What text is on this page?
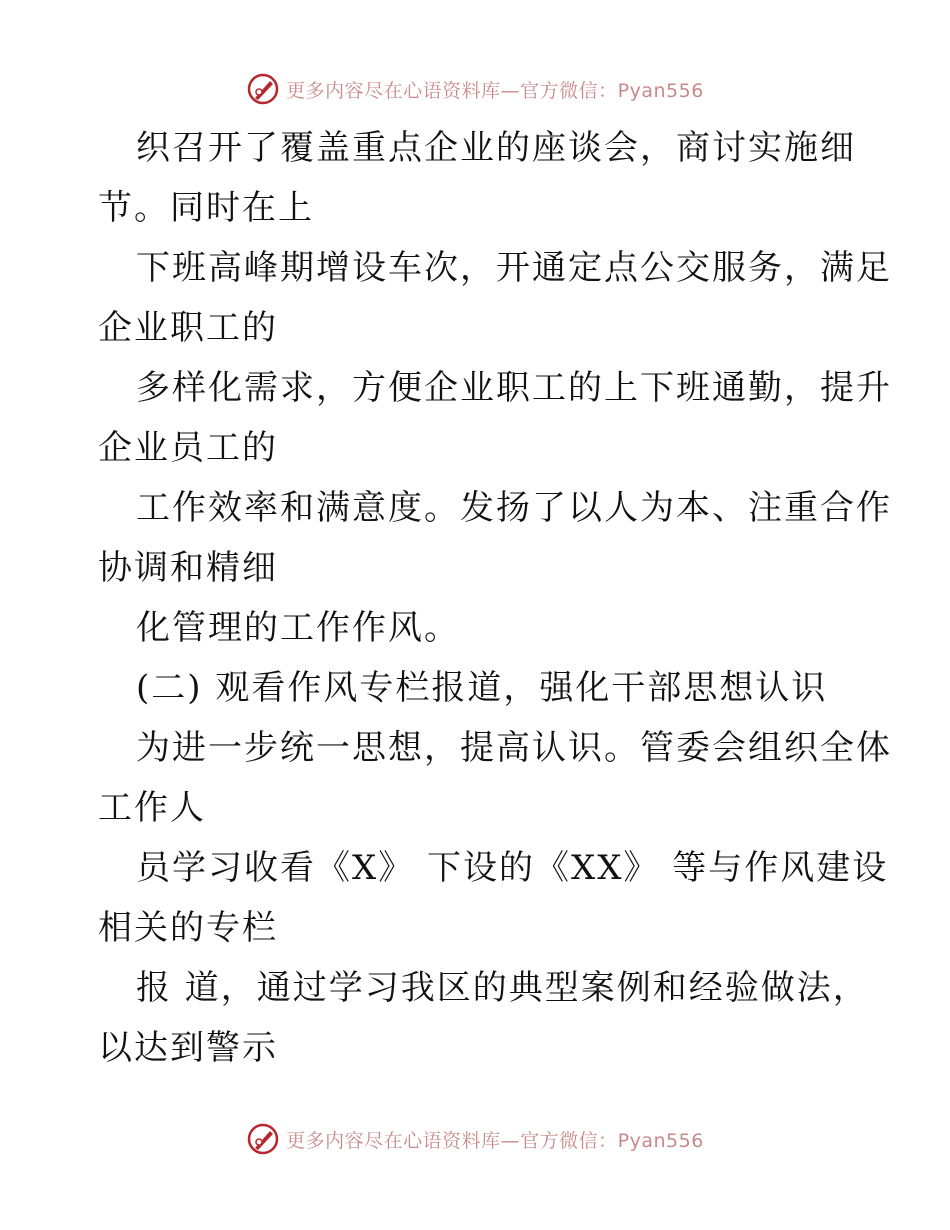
更多内容尽在心语资料库—官方微信：Pyan556
织召开了覆盖重点企业的座谈会，商讨实施细
节。同时在上
下班高峰期增设车次，开通定点公交服务，满足
企业职工的
多样化需求，方便企业职工的上下班通勤，提升
企业员工的
工作效率和满意度。发扬了以人为本、注重合作
协调和精细
化管理的工作作风。
(二) 观看作风专栏报道，强化干部思想认识
为进一步统一思想，提高认识。管委会组织全体
工作人
员学习收看《X》 下设的《XX》 等与作风建设
相关的专栏
报 道，通过学习我区的典型案例和经验做法，
以达到警示
更多内容尽在心语资料库—官方微信：Pyan556
